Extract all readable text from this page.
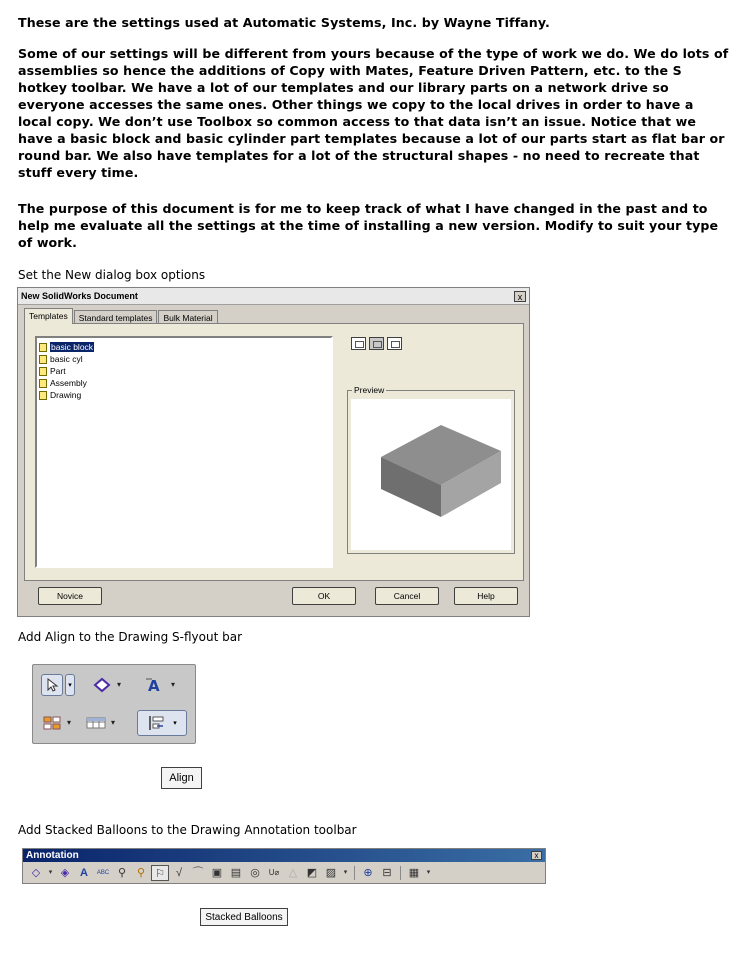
These are the settings used at Automatic Systems, Inc. by Wayne Tiffany.

Some of our settings will be different from yours because of the type of work we do. We do lots of assemblies so hence the additions of Copy with Mates, Feature Driven Pattern, etc. to the S hotkey toolbar. We have a lot of our templates and our library parts on a network drive so everyone accesses the same ones. Other things we copy to the local drives in order to have a local copy. We don’t use Toolbox so common access to that data isn’t an issue. Notice that we have a basic block and basic cylinder part templates because a lot of our parts start as flat bar or round bar. We also have templates for a lot of the structural shapes - no need to recreate that stuff every time.

The purpose of this document is for me to keep track of what I have changed in the past and to help me evaluate all the settings at the time of installing a new version. Modify to suit your type of work.

Set the New dialog box options

New SolidWorks Document	x
Templates	Standard templates	Bulk Material
basic block
basic cyl
Part
Assembly
Drawing	Preview
Novice	OK	Cancel	Help

Add Align to the Drawing S-flyout bar

▾	▾ A ▾
▾	▾	▾
Align

Add Stacked Balloons to the Drawing Annotation toolbar

Annotation	x
◇	▾ ◈ A	ABC ⚲ ⚲ ⚐	√ ⌒ ▣ ▤ ◎	U⌀ △ ◩ ▨	▾	⊕ ⊟	▦	▾
Stacked Balloons
